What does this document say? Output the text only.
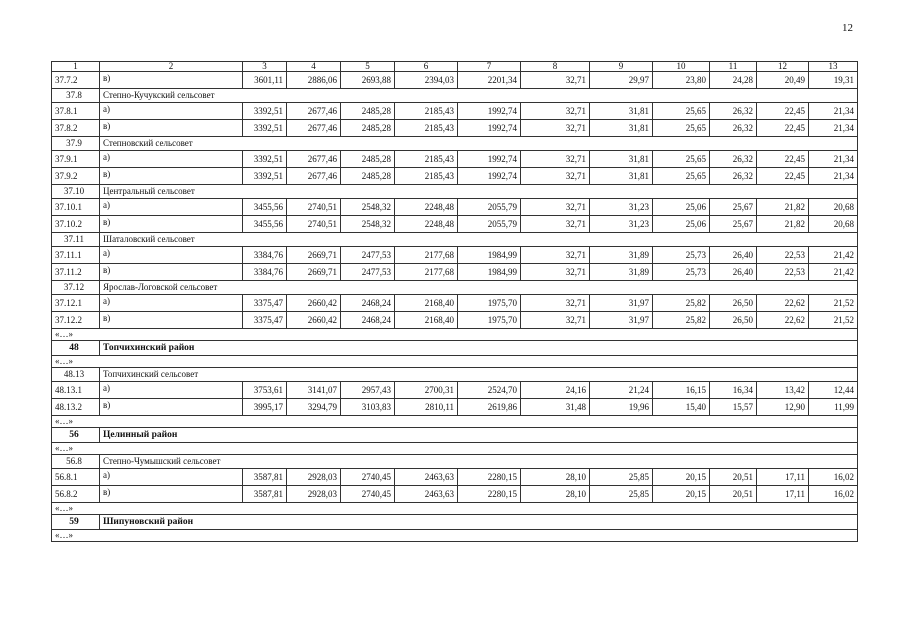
12
1	2	3	4	5	6	7	8	9	10	11	12	13
37.7.2	в)	3601,11	2886,06	2693,88	2394,03	2201,34	32,71	29,97	23,80	24,28	20,49	19,31
37.8	Степно-Кучукский сельсовет											
37.8.1	а)	3392,51	2677,46	2485,28	2185,43	1992,74	32,71	31,81	25,65	26,32	22,45	21,34
37.8.2	в)	3392,51	2677,46	2485,28	2185,43	1992,74	32,71	31,81	25,65	26,32	22,45	21,34
37.9	Степновский сельсовет											
37.9.1	а)	3392,51	2677,46	2485,28	2185,43	1992,74	32,71	31,81	25,65	26,32	22,45	21,34
37.9.2	в)	3392,51	2677,46	2485,28	2185,43	1992,74	32,71	31,81	25,65	26,32	22,45	21,34
37.10	Центральный сельсовет											
37.10.1	а)	3455,56	2740,51	2548,32	2248,48	2055,79	32,71	31,23	25,06	25,67	21,82	20,68
37.10.2	в)	3455,56	2740,51	2548,32	2248,48	2055,79	32,71	31,23	25,06	25,67	21,82	20,68
37.11	Шаталовский сельсовет											
37.11.1	а)	3384,76	2669,71	2477,53	2177,68	1984,99	32,71	31,89	25,73	26,40	22,53	21,42
37.11.2	в)	3384,76	2669,71	2477,53	2177,68	1984,99	32,71	31,89	25,73	26,40	22,53	21,42
37.12	Ярослав-Логовской сельсовет											
37.12.1	а)	3375,47	2660,42	2468,24	2168,40	1975,70	32,71	31,97	25,82	26,50	22,62	21,52
37.12.2	в)	3375,47	2660,42	2468,24	2168,40	1975,70	32,71	31,97	25,82	26,50	22,62	21,52
«…»												
48	Топчихинский район											
«…»												
48.13	Топчихинский сельсовет											
48.13.1	а)	3753,61	3141,07	2957,43	2700,31	2524,70	24,16	21,24	16,15	16,34	13,42	12,44
48.13.2	в)	3995,17	3294,79	3103,83	2810,11	2619,86	31,48	19,96	15,40	15,57	12,90	11,99
«…»												
56	Целинный район											
«…»												
56.8	Степно-Чумышский сельсовет											
56.8.1	а)	3587,81	2928,03	2740,45	2463,63	2280,15	28,10	25,85	20,15	20,51	17,11	16,02
56.8.2	в)	3587,81	2928,03	2740,45	2463,63	2280,15	28,10	25,85	20,15	20,51	17,11	16,02
«…»												
59	Шипуновский район											
«…»												
